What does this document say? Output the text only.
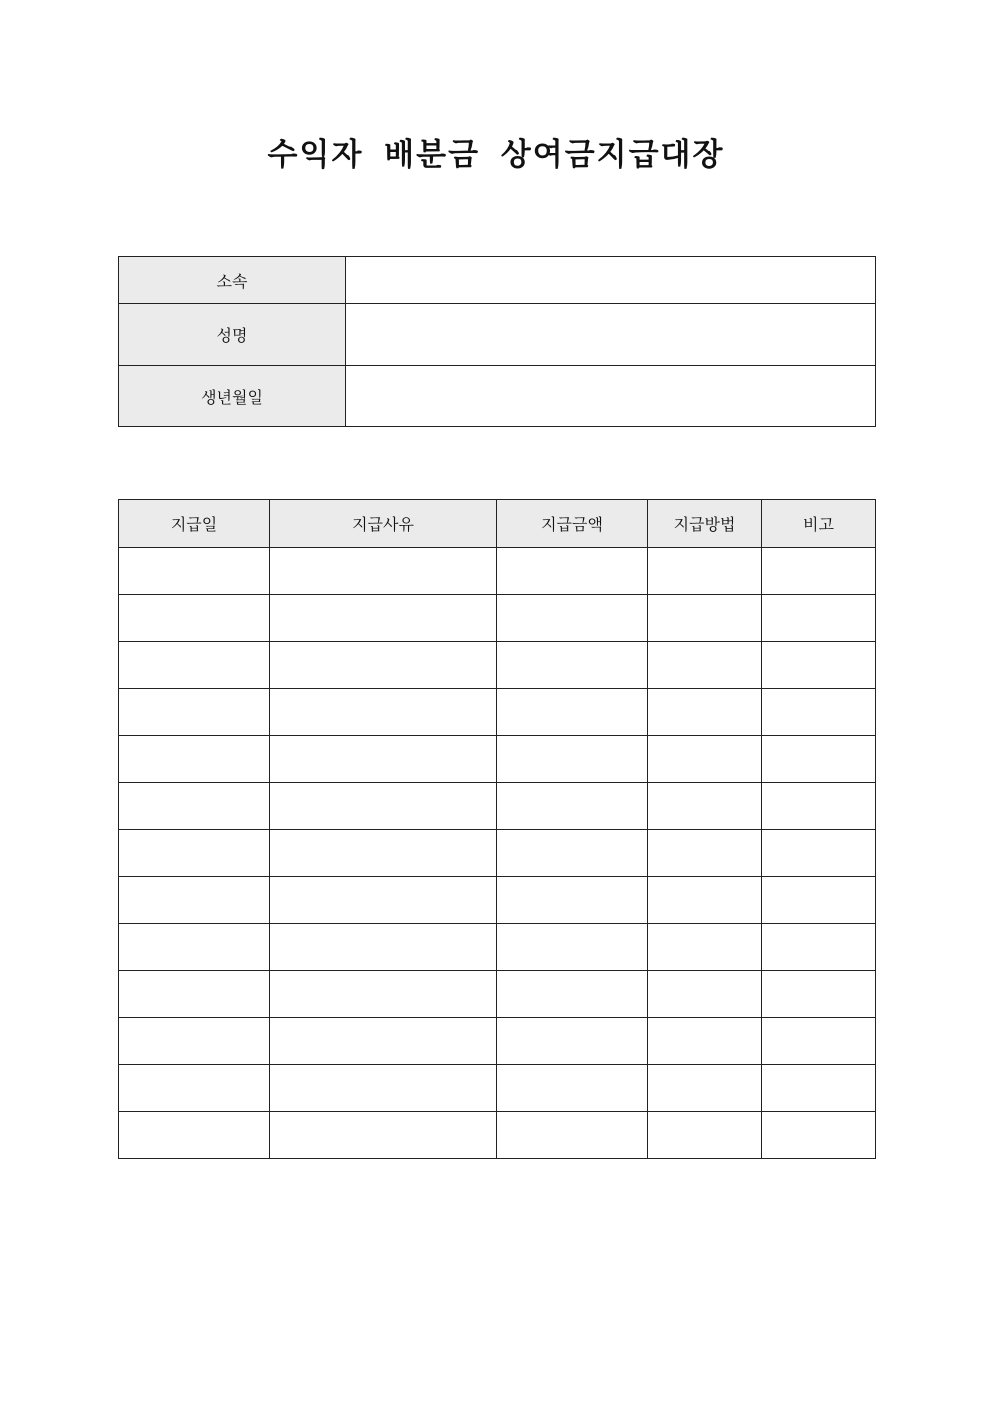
수익자 배분금 상여금지급대장
소속	
성명	
생년월일	
지급일	지급사유	지급금액	지급방법	비고
